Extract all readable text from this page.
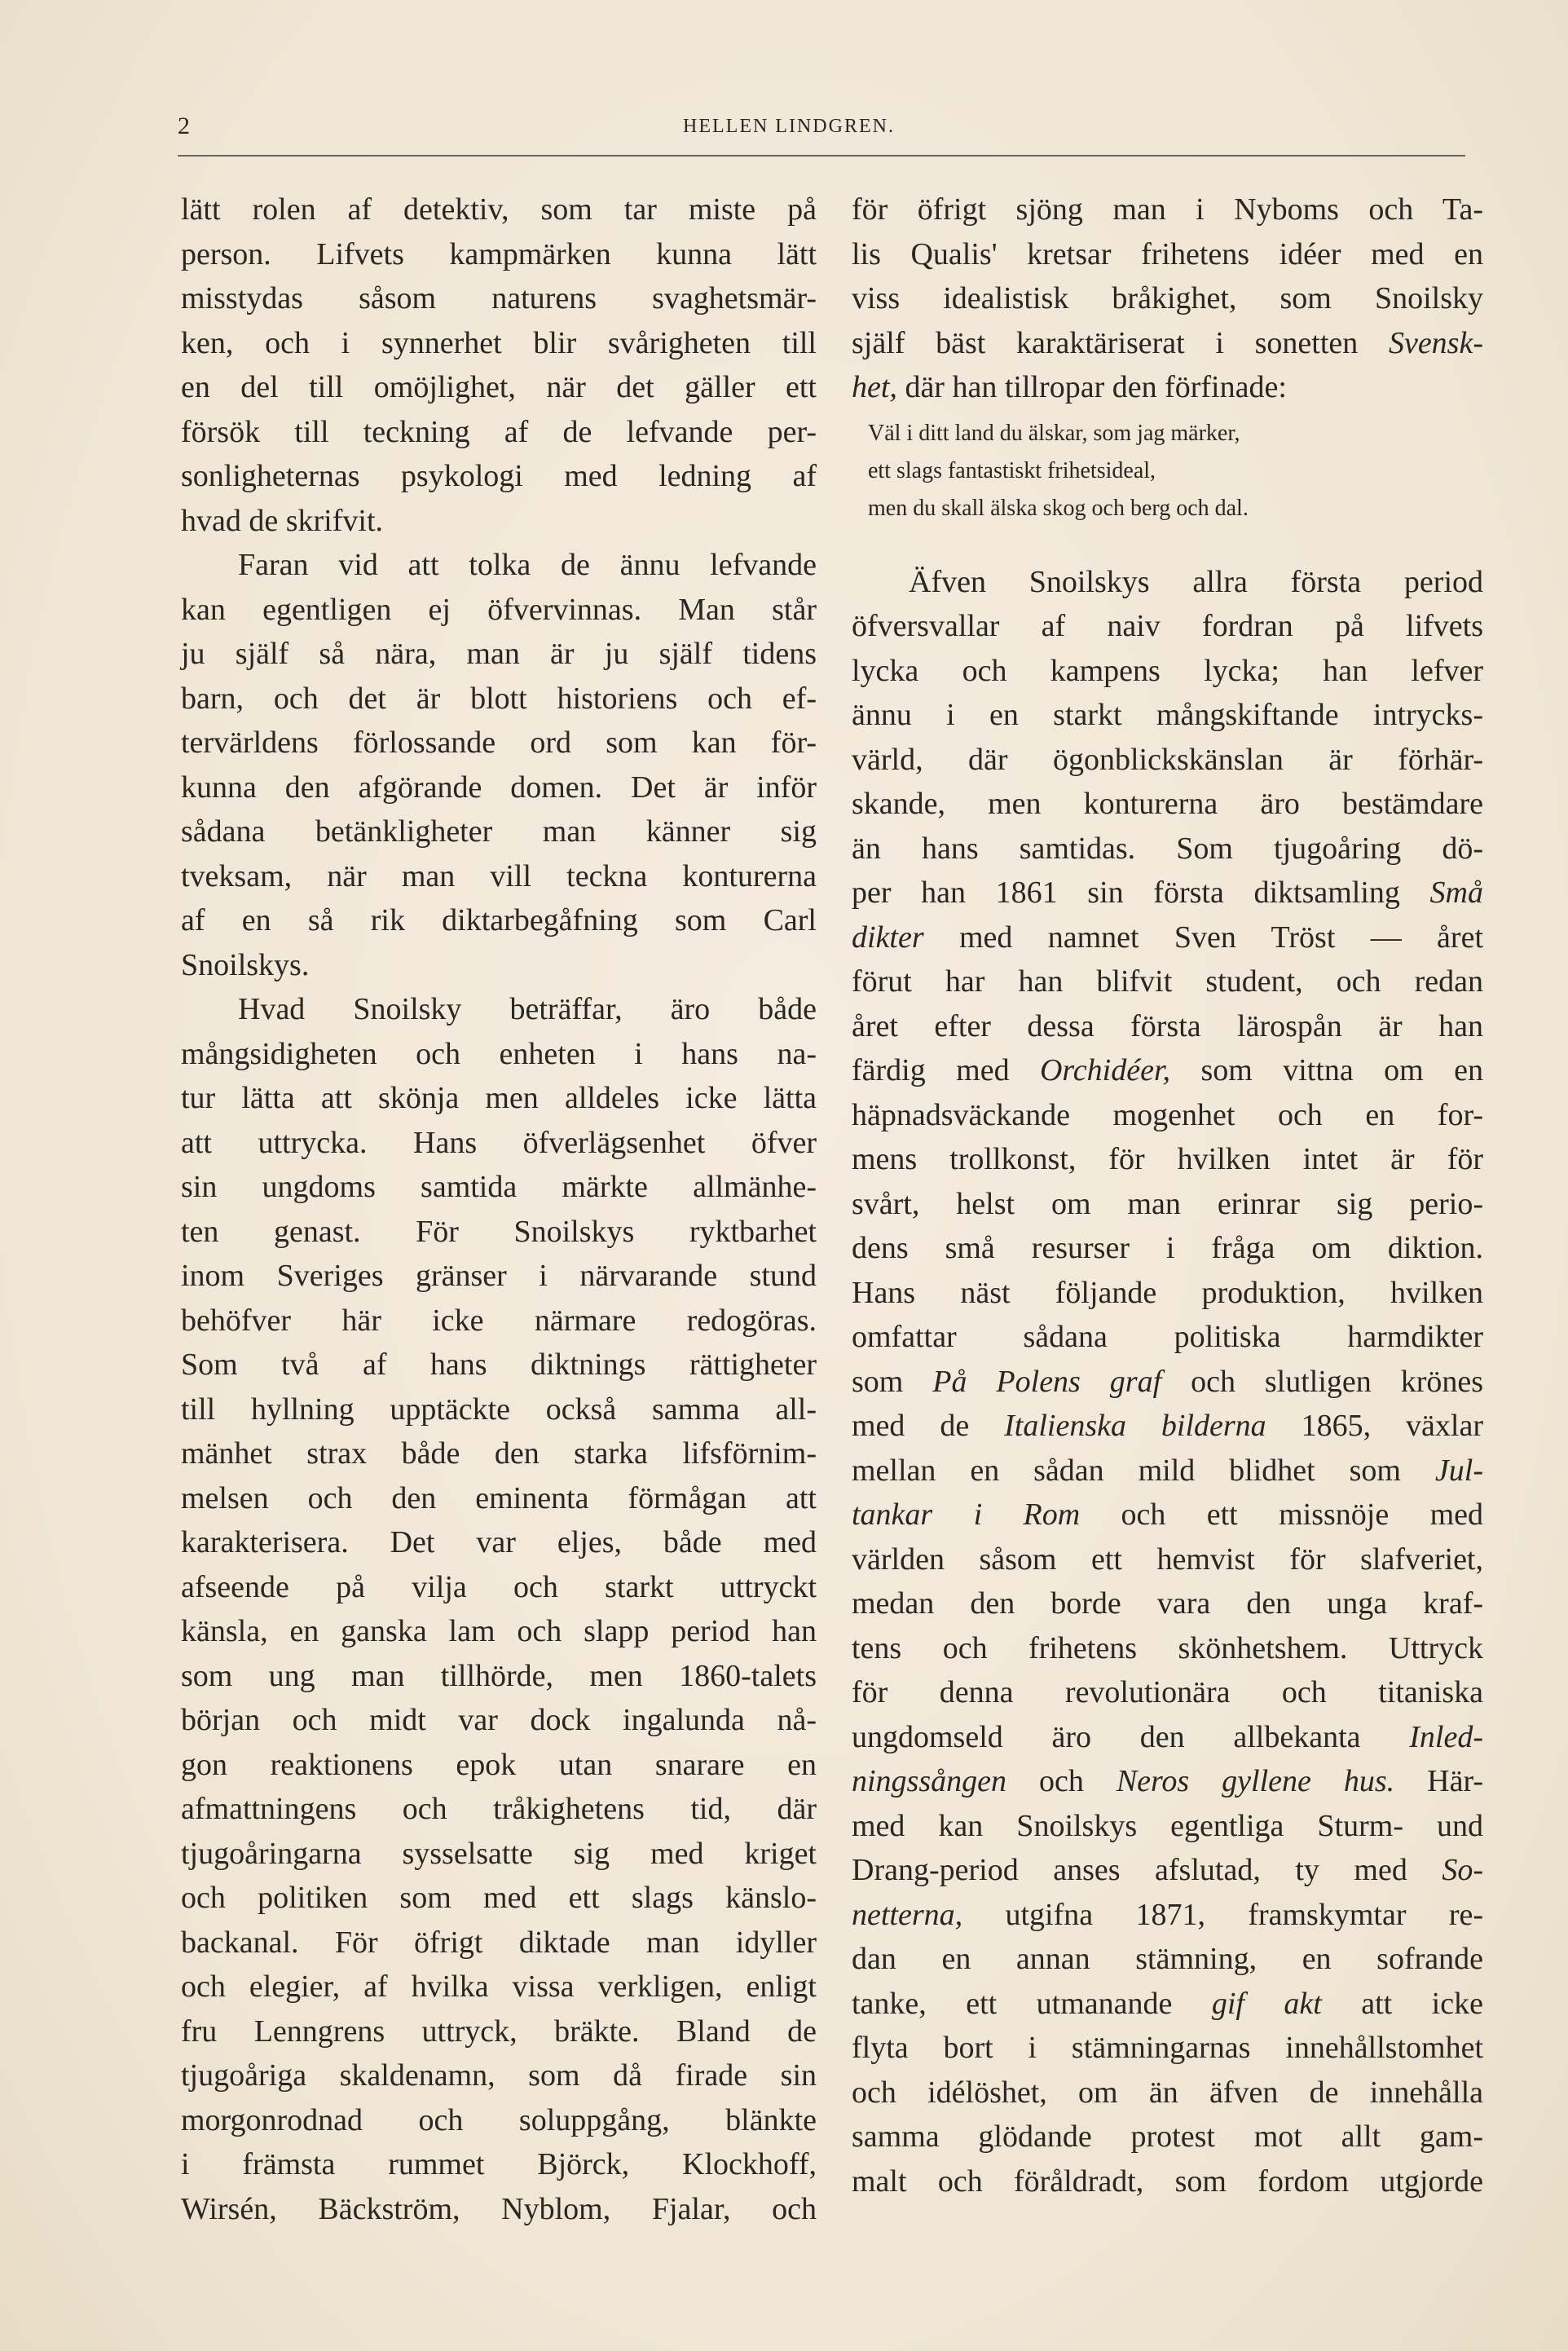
2	HELLEN LINDGREN.
lätt rolen af detektiv, som tar miste på
person. Lifvets kampmärken kunna lätt
misstydas såsom naturens svaghetsmär-
ken, och i synnerhet blir svårigheten till
en del till omöjlighet, när det gäller ett
försök till teckning af de lefvande per-
sonligheternas psykologi med ledning af
hvad de skrifvit.
Faran vid att tolka de ännu lefvande
kan egentligen ej öfvervinnas. Man står
ju själf så nära, man är ju själf tidens
barn, och det är blott historiens och ef-
tervärldens förlossande ord som kan för-
kunna den afgörande domen. Det är inför
sådana betänkligheter man känner sig
tveksam, när man vill teckna konturerna
af en så rik diktarbegåfning som Carl
Snoilskys.
Hvad Snoilsky beträffar, äro både
mångsidigheten och enheten i hans na-
tur lätta att skönja men alldeles icke lätta
att uttrycka. Hans öfverlägsenhet öfver
sin ungdoms samtida märkte allmänhe-
ten genast. För Snoilskys ryktbarhet
inom Sveriges gränser i närvarande stund
behöfver här icke närmare redogöras.
Som två af hans diktnings rättigheter
till hyllning upptäckte också samma all-
mänhet strax både den starka lifsförnim-
melsen och den eminenta förmågan att
karakterisera. Det var eljes, både med
afseende på vilja och starkt uttryckt
känsla, en ganska lam och slapp period han
som ung man tillhörde, men 1860-talets
början och midt var dock ingalunda nå-
gon reaktionens epok utan snarare en
afmattningens och tråkighetens tid, där
tjugoåringarna sysselsatte sig med kriget
och politiken som med ett slags känslo-
backanal. För öfrigt diktade man idyller
och elegier, af hvilka vissa verkligen, enligt
fru Lenngrens uttryck, bräkte. Bland de
tjugoåriga skaldenamn, som då firade sin
morgonrodnad och soluppgång, blänkte
i främsta rummet Björck, Klockhoff,
Wirsén, Bäckström, Nyblom, Fjalar, och
för öfrigt sjöng man i Nyboms och Ta-
lis Qualis' kretsar frihetens idéer med en
viss idealistisk bråkighet, som Snoilsky
själf bäst karaktäriserat i sonetten Svensk-
het, där han tillropar den förfinade:
Väl i ditt land du älskar, som jag märker,
ett slags fantastiskt frihetsideal,
men du skall älska skog och berg och dal.
Äfven Snoilskys allra första period
öfversvallar af naiv fordran på lifvets
lycka och kampens lycka; han lefver
ännu i en starkt mångskiftande intrycks-
värld, där ögonblickskänslan är förhär-
skande, men konturerna äro bestämdare
än hans samtidas. Som tjugoåring dö-
per han 1861 sin första diktsamling Små
dikter med namnet Sven Tröst — året
förut har han blifvit student, och redan
året efter dessa första lärospån är han
färdig med Orchidéer, som vittna om en
häpnadsväckande mogenhet och en for-
mens trollkonst, för hvilken intet är för
svårt, helst om man erinrar sig perio-
dens små resurser i fråga om diktion.
Hans näst följande produktion, hvilken
omfattar sådana politiska harmdikter
som På Polens graf och slutligen krönes
med de Italienska bilderna 1865, växlar
mellan en sådan mild blidhet som Jul-
tankar i Rom och ett missnöje med
världen såsom ett hemvist för slafveriet,
medan den borde vara den unga kraf-
tens och frihetens skönhetshem. Uttryck
för denna revolutionära och titaniska
ungdomseld äro den allbekanta Inled-
ningssången och Neros gyllene hus. Här-
med kan Snoilskys egentliga Sturm- und
Drang-period anses afslutad, ty med So-
netterna, utgifna 1871, framskymtar re-
dan en annan stämning, en sofrande
tanke, ett utmanande gif akt att icke
flyta bort i stämningarnas innehållstomhet
och idélöshet, om än äfven de innehålla
samma glödande protest mot allt gam-
malt och föråldradt, som fordom utgjorde
